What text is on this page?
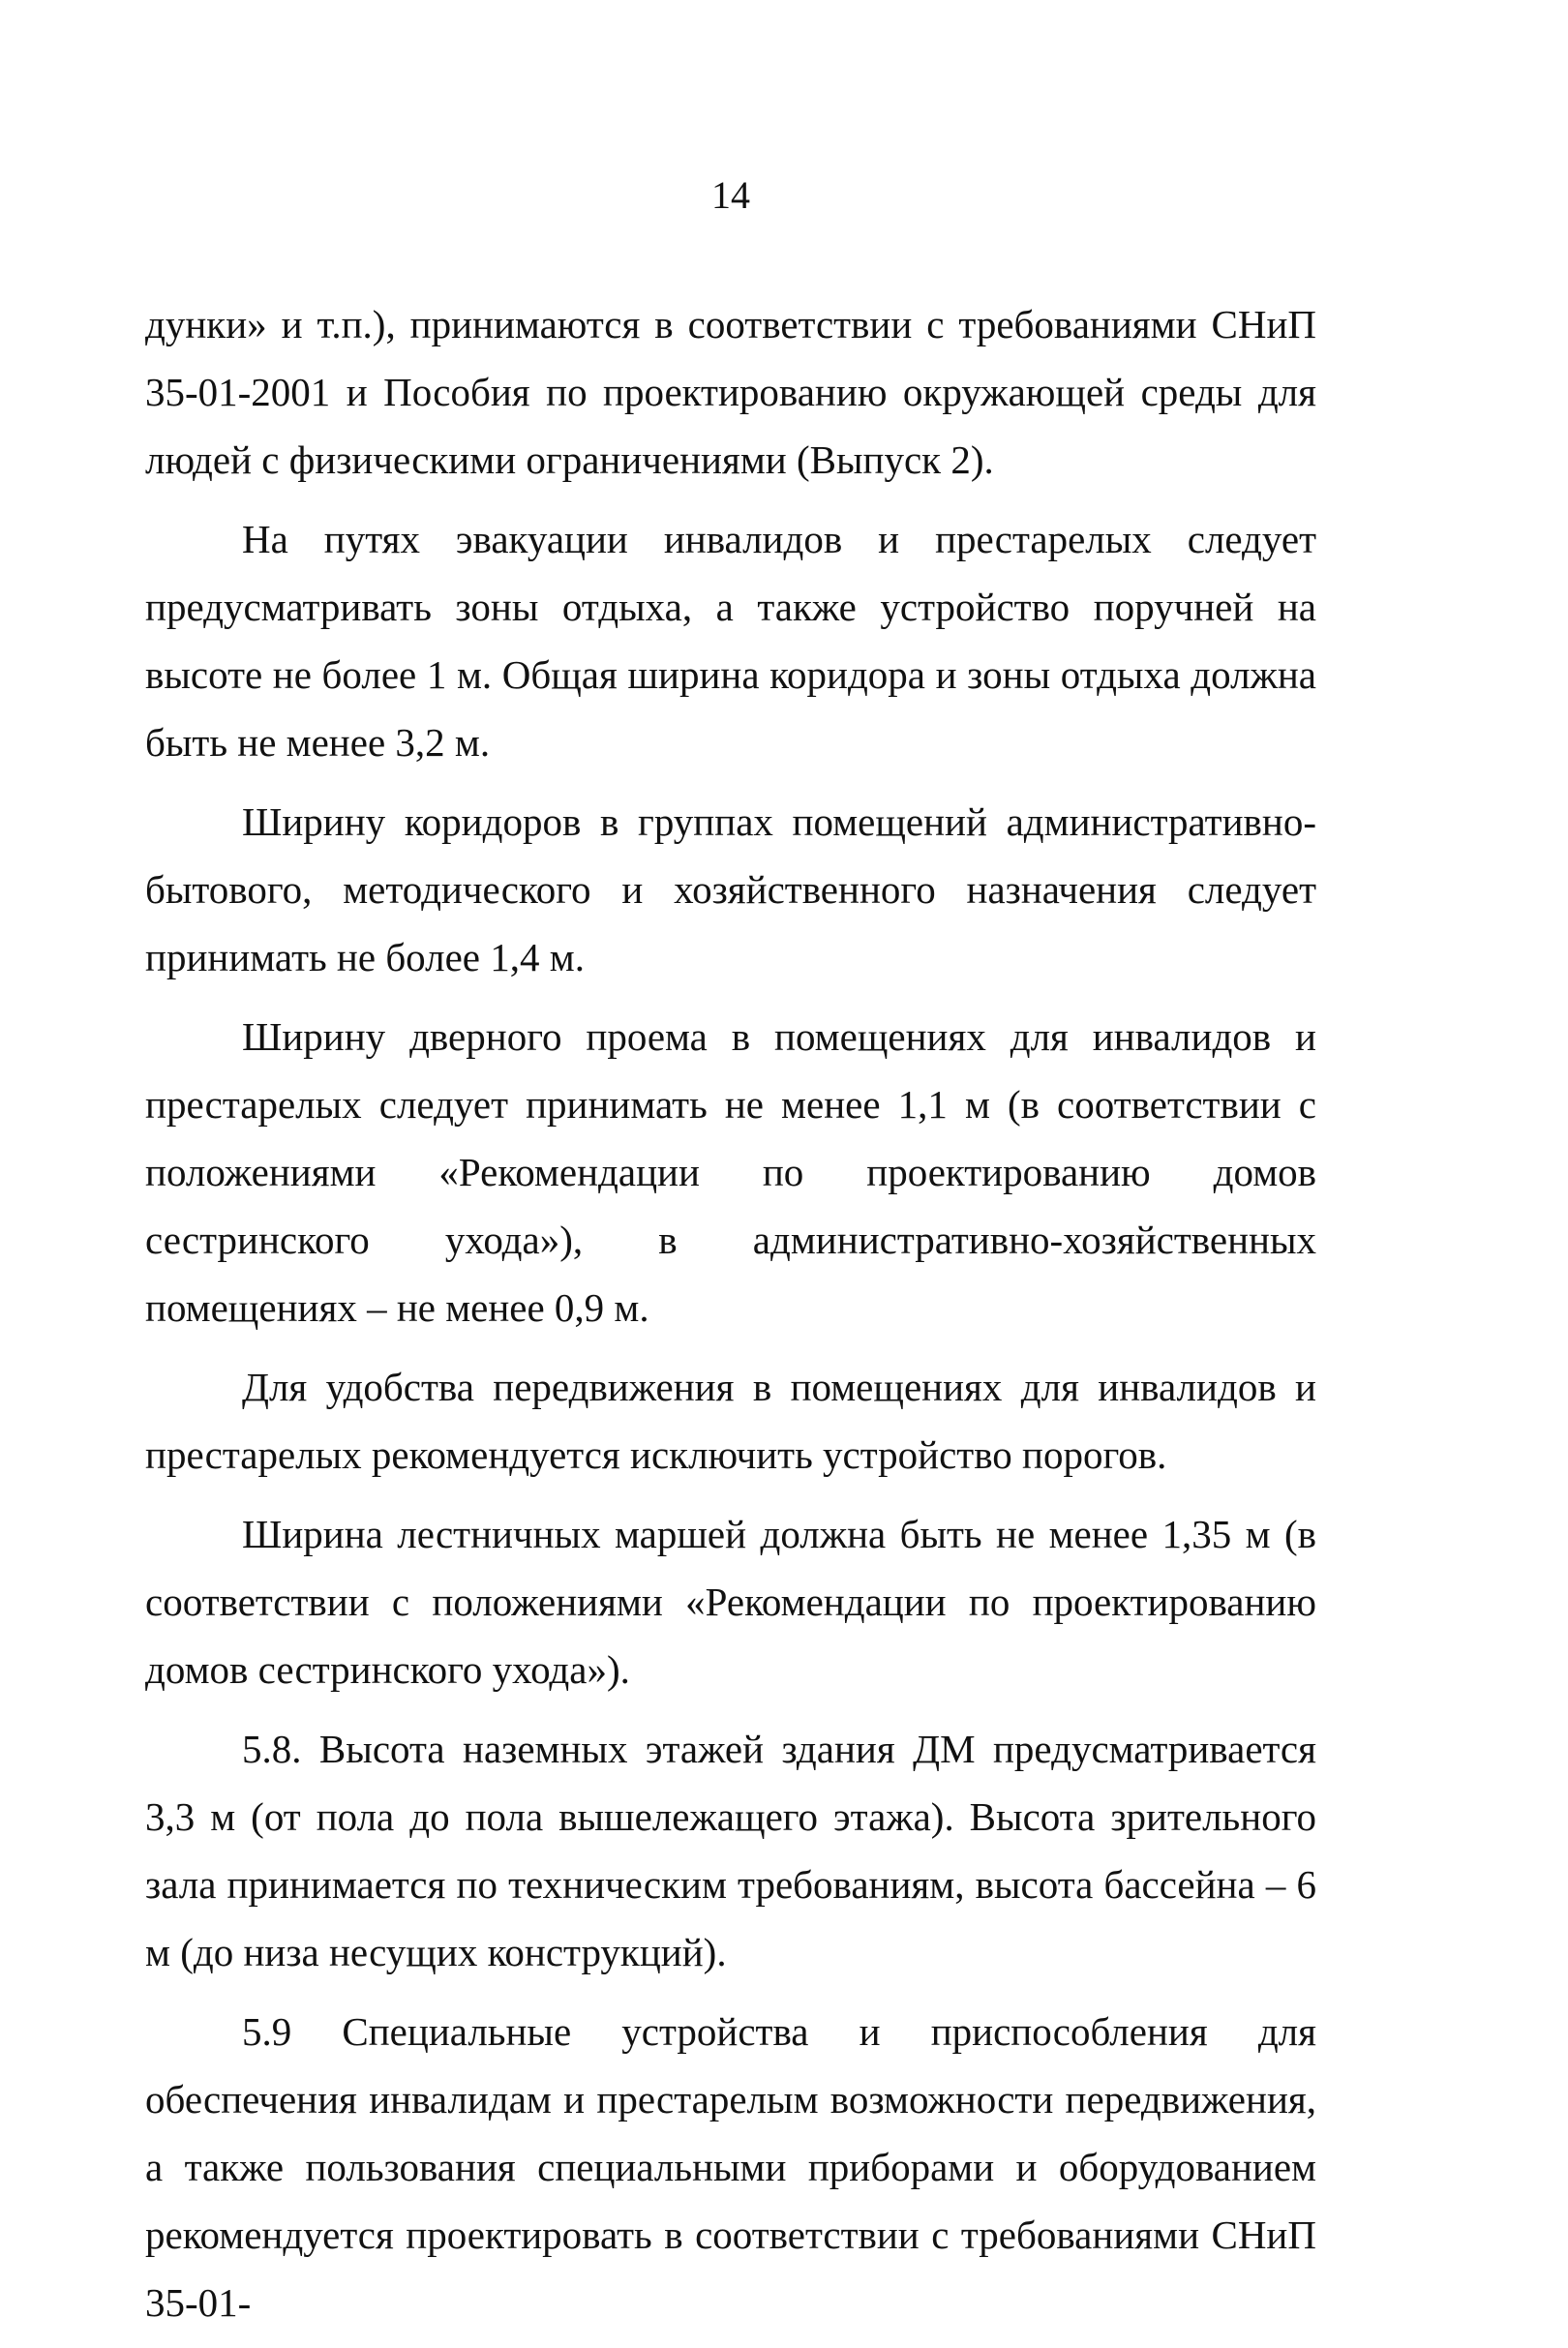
14

дунки» и т.п.), принимаются в соответствии с требованиями СНиП 35-01-2001 и Пособия по проектированию окружающей среды для людей с физическими ограничениями (Выпуск 2).

На путях эвакуации инвалидов и престарелых следует предусматривать зоны отдыха, а также устройство поручней на высоте не более 1 м. Общая ширина коридора и зоны отдыха должна быть не менее 3,2 м.

Ширину коридоров в группах помещений административно-бытового, методического и хозяйственного назначения следует принимать не более 1,4 м.

Ширину дверного проема в помещениях для инвалидов и престарелых следует принимать не менее 1,1 м (в соответствии с положениями «Рекомендации по проектированию домов сестринского ухода»), в административно-хозяйственных помещениях – не менее 0,9 м.

Для удобства передвижения в помещениях для инвалидов и престарелых рекомендуется исключить устройство порогов.

Ширина лестничных маршей должна быть не менее 1,35 м (в соответствии с положениями «Рекомендации по проектированию домов сестринского ухода»).

5.8. Высота наземных этажей здания ДМ предусматривается 3,3 м (от пола до пола вышележащего этажа). Высота зрительного зала принимается по техническим требованиям, высота бассейна – 6 м (до низа несущих конструкций).

5.9 Специальные устройства и приспособления для обеспечения инвалидам и престарелым возможности передвижения, а также пользования специальными приборами и оборудованием рекомендуется проектировать в соответствии с требованиями СНиП 35-01-
